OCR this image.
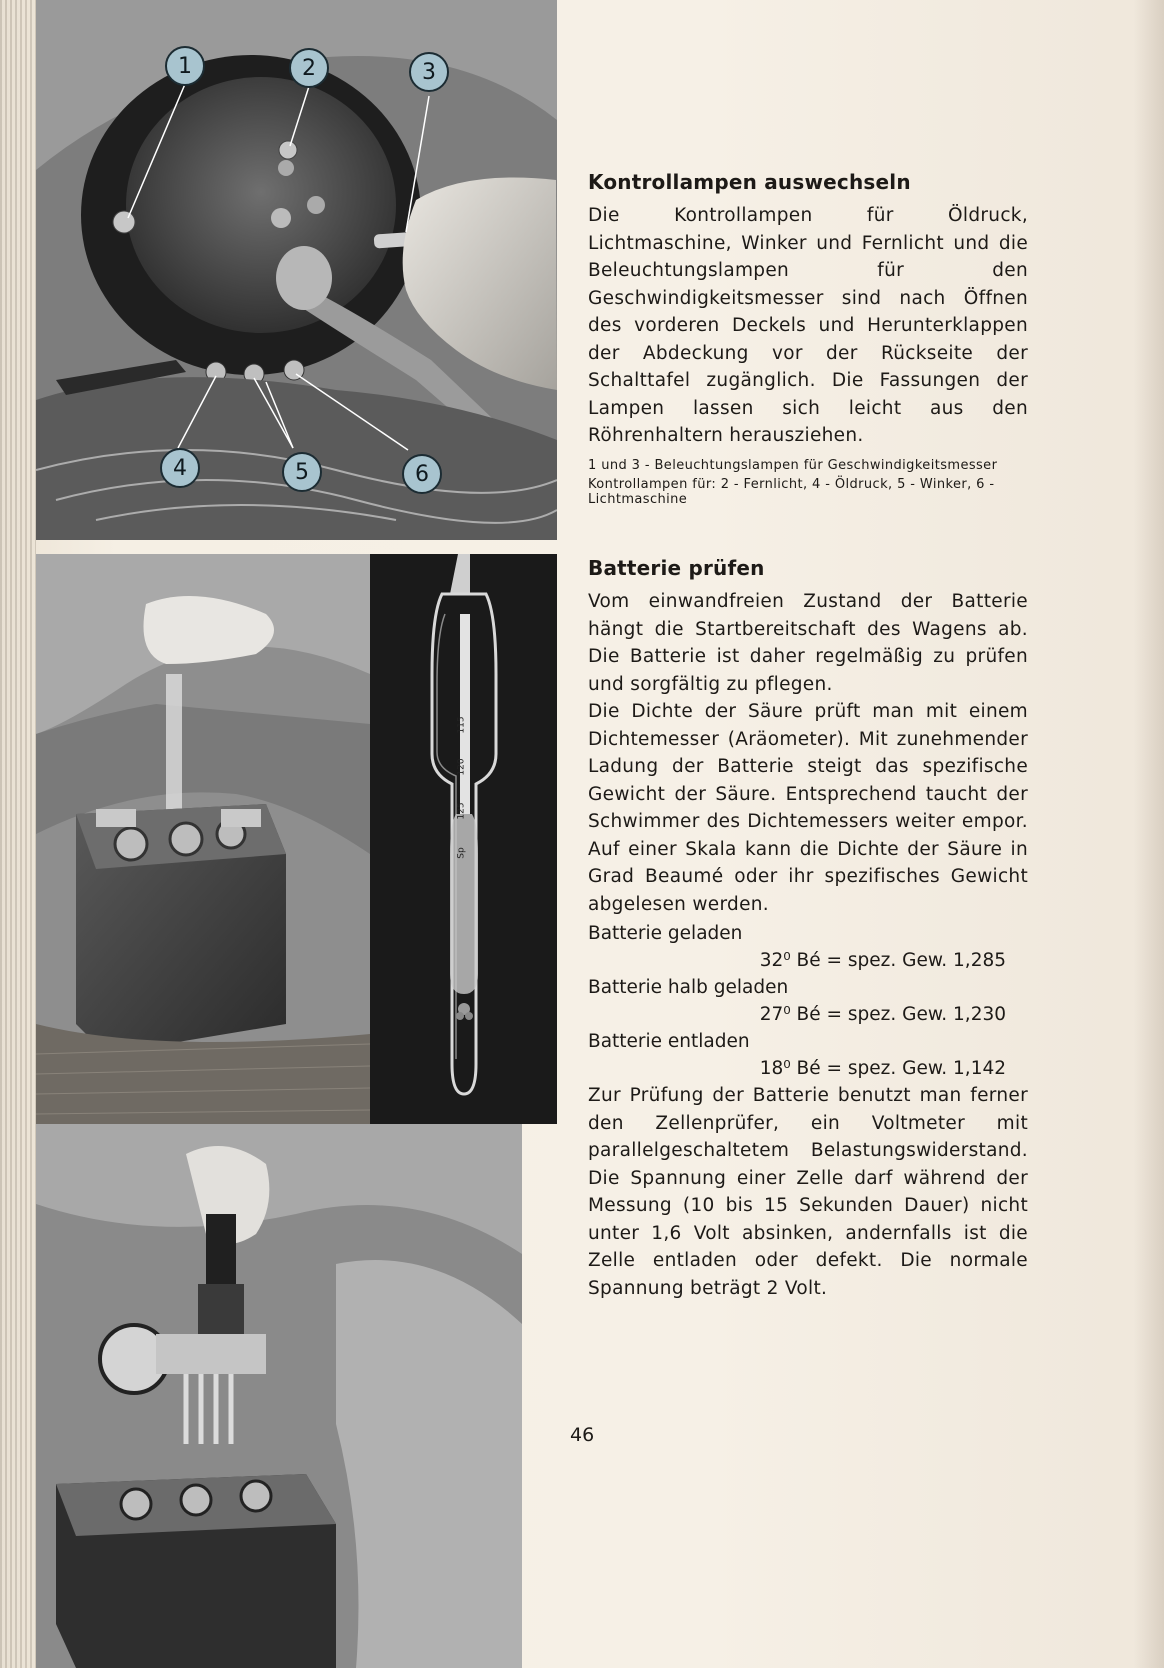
1	2	3
4	5	6
115
120
125
Sp
Kontrollampen auswechseln

Die Kontrollampen für Öldruck, Lichtmaschine, Winker und Fernlicht und die Beleuchtungslampen für den Geschwindigkeitsmesser sind nach Öffnen des vorderen Deckels und Herunterklappen der Abdeckung vor der Rückseite der Schalttafel zugänglich. Die Fassungen der Lampen lassen sich leicht aus den Röhrenhaltern herausziehen.

1 und 3 - Beleuchtungslampen für Geschwindigkeitsmesser

Kontrollampen für: 2 - Fernlicht, 4 - Öldruck, 5 - Winker, 6 - Lichtmaschine

Batterie prüfen

Vom einwandfreien Zustand der Batterie hängt die Startbereitschaft des Wagens ab. Die Batterie ist daher regelmäßig zu prüfen und sorgfältig zu pflegen.

Die Dichte der Säure prüft man mit einem Dichtemesser (Aräometer). Mit zunehmender Ladung der Batterie steigt das spezifische Gewicht der Säure. Entsprechend taucht der Schwimmer des Dichtemessers weiter empor. Auf einer Skala kann die Dichte der Säure in Grad Beaumé oder ihr spezifisches Gewicht abgelesen werden.

Batterie geladen

32⁰ Bé = spez. Gew. 1,285

Batterie halb geladen

27⁰ Bé = spez. Gew. 1,230

Batterie entladen

18⁰ Bé = spez. Gew. 1,142

Zur Prüfung der Batterie benutzt man ferner den Zellenprüfer, ein Voltmeter mit parallelgeschaltetem Belastungswiderstand. Die Spannung einer Zelle darf während der Messung (10 bis 15 Sekunden Dauer) nicht unter 1,6 Volt absinken, andernfalls ist die Zelle entladen oder defekt. Die normale Spannung beträgt 2 Volt.

46
